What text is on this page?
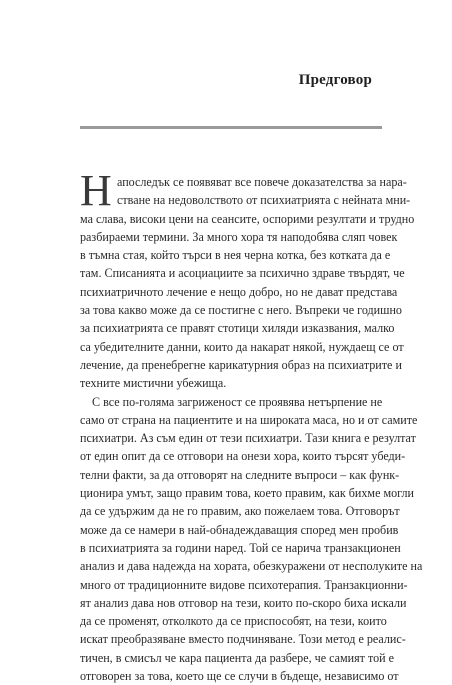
Предговор
Н апоследък се появяват все повече доказателства за нара-
стване на недоволството от психиатрията с нейната мни-
ма слава, високи цени на сеансите, оспорими резултати и трудно
разбираеми термини. За много хора тя наподобява сляп човек
в тъмна стая, който търси в нея черна котка, без котката да е
там. Списанията и асоциациите за психично здраве твърдят, че
психиатричното лечение е нещо добро, но не дават представа
за това какво може да се постигне с него. Въпреки че годишно
за психиатрията се правят стотици хиляди изказвания, малко
са убедителните данни, които да накарат някой, нуждаещ се от
лечение, да пренебрегне карикатурния образ на психиатрите и
техните мистични убежища.
С все по-голяма загриженост се проявява нетърпение не
само от страна на пациентите и на широката маса, но и от самите
психиатри. Аз съм един от тези психиатри. Тази книга е резултат
от един опит да се отговори на онези хора, които търсят убеди-
телни факти, за да отговорят на следните въпроси – как функ-
ционира умът, защо правим това, което правим, как бихме могли
да се удържим да не го правим, ако пожелаем това. Отговорът
може да се намери в най-обнадеждаващия според мен пробив
в психиатрията за години наред. Той се нарича транзакционен
анализ и дава надежда на хората, обезкуражени от несполуките на
много от традиционните видове психотерапия. Транзакционни-
ят анализ дава нов отговор на тези, които по-скоро биха искали
да се променят, отколкото да се приспособят, на тези, които
искат преобразяване вместо подчиняване. Този метод е реалис-
тичен, в смисъл че кара пациента да разбере, че самият той е
отговорен за това, което ще се случи в бъдеще, независимо от
